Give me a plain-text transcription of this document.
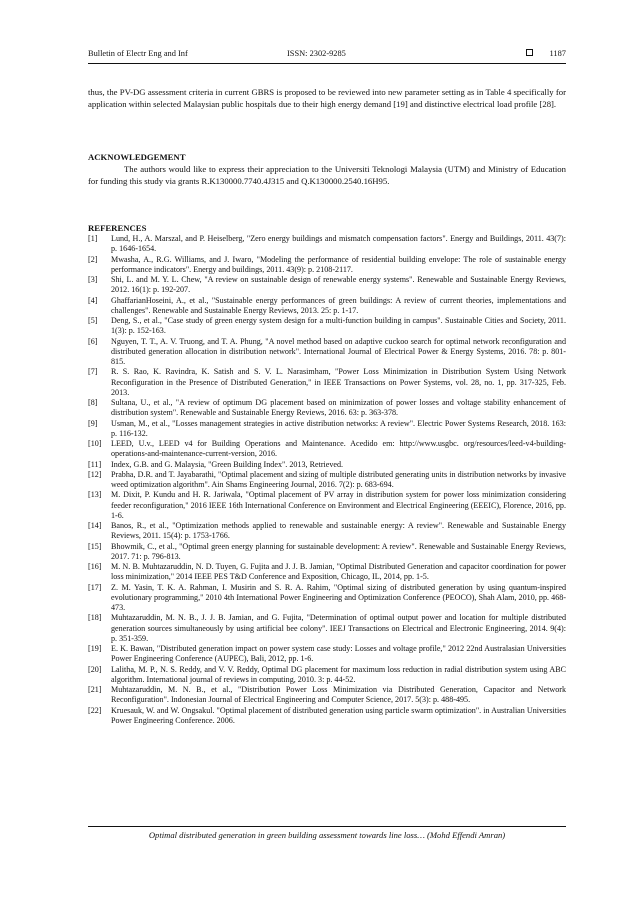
Bulletin of Electr Eng and Inf	ISSN: 2302-9285	1187

thus, the PV-DG assessment criteria in current GBRS is proposed to be reviewed into new parameter setting as in Table 4 specifically for application within selected Malaysian public hospitals due to their high energy demand [19] and distinctive electrical load profile [28].

ACKNOWLEDGEMENT

The authors would like to express their appreciation to the Universiti Teknologi Malaysia (UTM) and Ministry of Education for funding this study via grants R.K130000.7740.4J315 and Q.K130000.2540.16H95.

REFERENCES

[1] Lund, H., A. Marszal, and P. Heiselberg, "Zero energy buildings and mismatch compensation factors". Energy and Buildings, 2011. 43(7): p. 1646-1654.

[2] Mwasha, A., R.G. Williams, and J. Iwaro, "Modeling the performance of residential building envelope: The role of sustainable energy performance indicators". Energy and buildings, 2011. 43(9): p. 2108-2117.

[3] Shi, L. and M. Y. L. Chew, "A review on sustainable design of renewable energy systems". Renewable and Sustainable Energy Reviews, 2012. 16(1): p. 192-207.

[4] GhaffarianHoseini, A., et al., "Sustainable energy performances of green buildings: A review of current theories, implementations and challenges". Renewable and Sustainable Energy Reviews, 2013. 25: p. 1-17.

[5] Deng, S., et al., "Case study of green energy system design for a multi-function building in campus". Sustainable Cities and Society, 2011. 1(3): p. 152-163.

[6] Nguyen, T. T., A. V. Truong, and T. A. Phung, "A novel method based on adaptive cuckoo search for optimal network reconfiguration and distributed generation allocation in distribution network". International Journal of Electrical Power & Energy Systems, 2016. 78: p. 801-815.

[7] R. S. Rao, K. Ravindra, K. Satish and S. V. L. Narasimham, "Power Loss Minimization in Distribution System Using Network Reconfiguration in the Presence of Distributed Generation," in IEEE Transactions on Power Systems, vol. 28, no. 1, pp. 317-325, Feb. 2013.

[8] Sultana, U., et al., "A review of optimum DG placement based on minimization of power losses and voltage stability enhancement of distribution system". Renewable and Sustainable Energy Reviews, 2016. 63: p. 363-378.

[9] Usman, M., et al., "Losses management strategies in active distribution networks: A review". Electric Power Systems Research, 2018. 163: p. 116-132.

[10] LEED, U.v., LEED v4 for Building Operations and Maintenance. Acedido em: http://www.usgbc. org/resources/leed-v4-building-operations-and-maintenance-current-version, 2016.

[11] Index, G.B. and G. Malaysia, "Green Building Index". 2013, Retrieved.

[12] Prabha, D.R. and T. Jayabarathi, "Optimal placement and sizing of multiple distributed generating units in distribution networks by invasive weed optimization algorithm". Ain Shams Engineering Journal, 2016. 7(2): p. 683-694.

[13] M. Dixit, P. Kundu and H. R. Jariwala, "Optimal placement of PV array in distribution system for power loss minimization considering feeder reconfiguration," 2016 IEEE 16th International Conference on Environment and Electrical Engineering (EEEIC), Florence, 2016, pp. 1-6.

[14] Banos, R., et al., "Optimization methods applied to renewable and sustainable energy: A review". Renewable and Sustainable Energy Reviews, 2011. 15(4): p. 1753-1766.

[15] Bhowmik, C., et al., "Optimal green energy planning for sustainable development: A review". Renewable and Sustainable Energy Reviews, 2017. 71: p. 796-813.

[16] M. N. B. Muhtazaruddin, N. D. Tuyen, G. Fujita and J. J. B. Jamian, "Optimal Distributed Generation and capacitor coordination for power loss minimization," 2014 IEEE PES T&D Conference and Exposition, Chicago, IL, 2014, pp. 1-5.

[17] Z. M. Yasin, T. K. A. Rahman, I. Musirin and S. R. A. Rahim, "Optimal sizing of distributed generation by using quantum-inspired evolutionary programming," 2010 4th International Power Engineering and Optimization Conference (PEOCO), Shah Alam, 2010, pp. 468-473.

[18] Muhtazaruddin, M. N. B., J. J. B. Jamian, and G. Fujita, "Determination of optimal output power and location for multiple distributed generation sources simultaneously by using artificial bee colony". IEEJ Transactions on Electrical and Electronic Engineering, 2014. 9(4): p. 351-359.

[19] E. K. Bawan, "Distributed generation impact on power system case study: Losses and voltage profile," 2012 22nd Australasian Universities Power Engineering Conference (AUPEC), Bali, 2012, pp. 1-6.

[20] Lalitha, M. P., N. S. Reddy, and V. V. Reddy, Optimal DG placement for maximum loss reduction in radial distribution system using ABC algorithm. International journal of reviews in computing, 2010. 3: p. 44-52.

[21] Muhtazaruddin, M. N. B., et al., "Distribution Power Loss Minimization via Distributed Generation, Capacitor and Network Reconfiguration". Indonesian Journal of Electrical Engineering and Computer Science, 2017. 5(3): p. 488-495.

[22] Kruesauk, W. and W. Ongsakul. "Optimal placement of distributed generation using particle swarm optimization". in Australian Universities Power Engineering Conference. 2006.

Optimal distributed generation in green building assessment towards line loss… (Mohd Effendi Amran)
